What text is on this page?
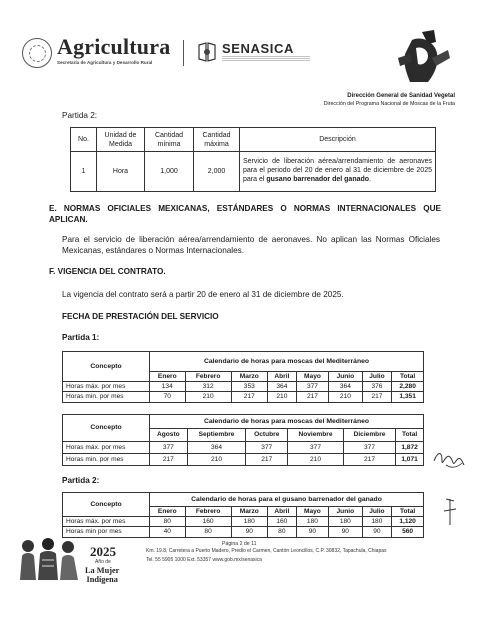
Agricultura
Secretaría de Agricultura y Desarrollo Rural
SENASICA
Dirección General de Sanidad Vegetal
Dirección del Programa Nacional de Moscas de la Fruta
Partida 2:
No.	Unidad de Medida	Cantidad mínima	Cantidad máxima	Descripción
1	Hora	1,000	2,000	Servicio de liberación aérea/arrendamiento de aeronaves para el periodo del 20 de enero al 31 de diciembre de 2025 para el gusano barrenador del ganado.
E. NORMAS OFICIALES MEXICANAS, ESTÁNDARES O NORMAS INTERNACIONALES QUE APLICAN.
Para el servicio de liberación aérea/arrendamiento de aeronaves. No aplican las Normas Oficiales Mexicanas, estándares o Normas Internacionales.
F. VIGENCIA DEL CONTRATO.
La vigencia del contrato será a partir 20 de enero al 31 de diciembre de 2025.
FECHA DE PRESTACIÓN DEL SERVICIO
Partida 1:
Concepto	Calendario de horas para moscas del Mediterráneo							
	Enero	Febrero	Marzo	Abril	Mayo	Junio	Julio	Total
Horas máx. por mes	134	312	353	364	377	364	376	2,280
Horas min. por mes	70	210	217	210	217	210	217	1,351
Concepto	Calendario de horas para moscas del Mediterráneo					
	Agosto	Septiembre	Octubre	Noviembre	Diciembre	Total
Horas máx. por mes	377	364	377	377	377	1,872
Horas min. por mes	217	210	217	210	217	1,071
Partida 2:
Concepto	Calendario de horas para el gusano barrenador del ganado							
	Enero	Febrero	Marzo	Abril	Mayo	Junio	Julio	Total
Horas máx. por mes	80	160	180	160	180	180	180	1,120
Horas min por mes	40	80	90	80	90	90	90	560
2025
Año de
La Mujer
Indígena
Página 2 de 11
Km. 19.8, Carretera a Puerto Madero, Predio el Carmen, Cantón Leoncillos, C.P. 30832, Tapachula, Chiapas
Tel. 55 5905 1000 Ext. 53357 www.gob.mx/senasica
